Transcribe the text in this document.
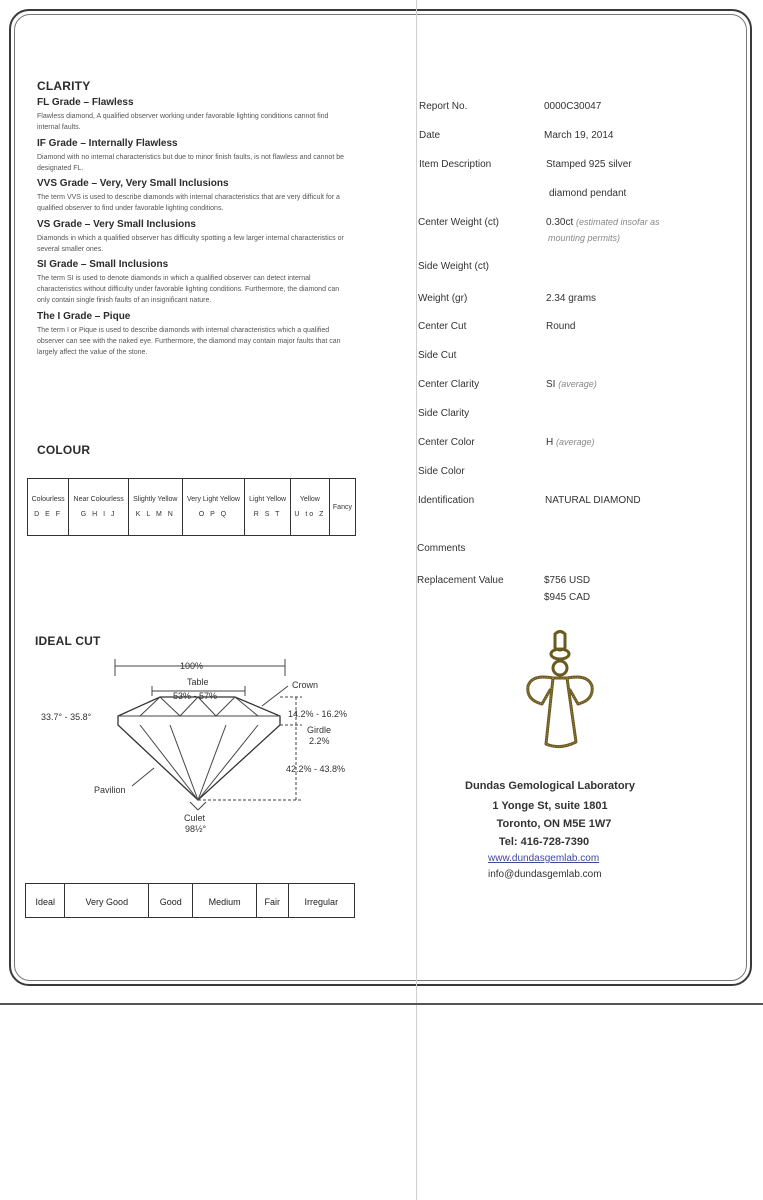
CLARITY
FL Grade – Flawless
Flawless diamond, A qualified observer working under favorable lighting conditions cannot find internal faults.
IF Grade – Internally Flawless
Diamond with no internal characteristics but due to minor finish faults, is not flawless and cannot be designated FL.
VVS Grade – Very, Very Small Inclusions
The term VVS is used to describe diamonds with internal characteristics that are very difficult for a qualified observer to find under favorable lighting conditions.
VS Grade – Very Small Inclusions
Diamonds in which a qualified observer has difficulty spotting a few larger internal characteristics or several smaller ones.
SI Grade – Small Inclusions
The term SI is used to denote diamonds in which a qualified observer can detect internal characteristics without difficulty under favorable lighting conditions. Furthermore, the diamond can only contain single finish faults of an insignificant nature.
The I Grade – Pique
The term I or Pique is used to describe diamonds with internal characteristics which a qualified observer can see with the naked eye. Furthermore, the diamond may contain major faults that can largely affect the value of the stone.
COLOUR
Colourless
D E F
	Near Colourless
G H I J
	Slightly Yellow
K L M N
	Very Light Yellow
O P Q
	Light Yellow
R S T
	Yellow
U to Z
	Fancy
IDEAL CUT
100%
Table
53% - 57%
Crown
33.7° - 35.8°	14.2% - 16.2%
Girdle
2.2%
42.2% - 43.8%
Pavilion
Culet
98½°
Ideal	Very Good	Good	Medium	Fair	Irregular
Report No.	0000C30047
Date	March 19, 2014
Item Description	Stamped 925 silver
diamond pendant
Center Weight (ct)	0.30ct (estimated insofar as
mounting permits)
Side Weight (ct)
Weight (gr)	2.34 grams
Center Cut	Round
Side Cut
Center Clarity	SI (average)
Side Clarity
Center Color	H (average)
Side Color
Identification	NATURAL DIAMOND
Comments
Replacement Value	$756 USD
$945 CAD
Dundas Gemological Laboratory
1 Yonge St, suite 1801
Toronto, ON M5E 1W7
Tel: 416-728-7390
www.dundasgemlab.com
info@dundasgemlab.com
